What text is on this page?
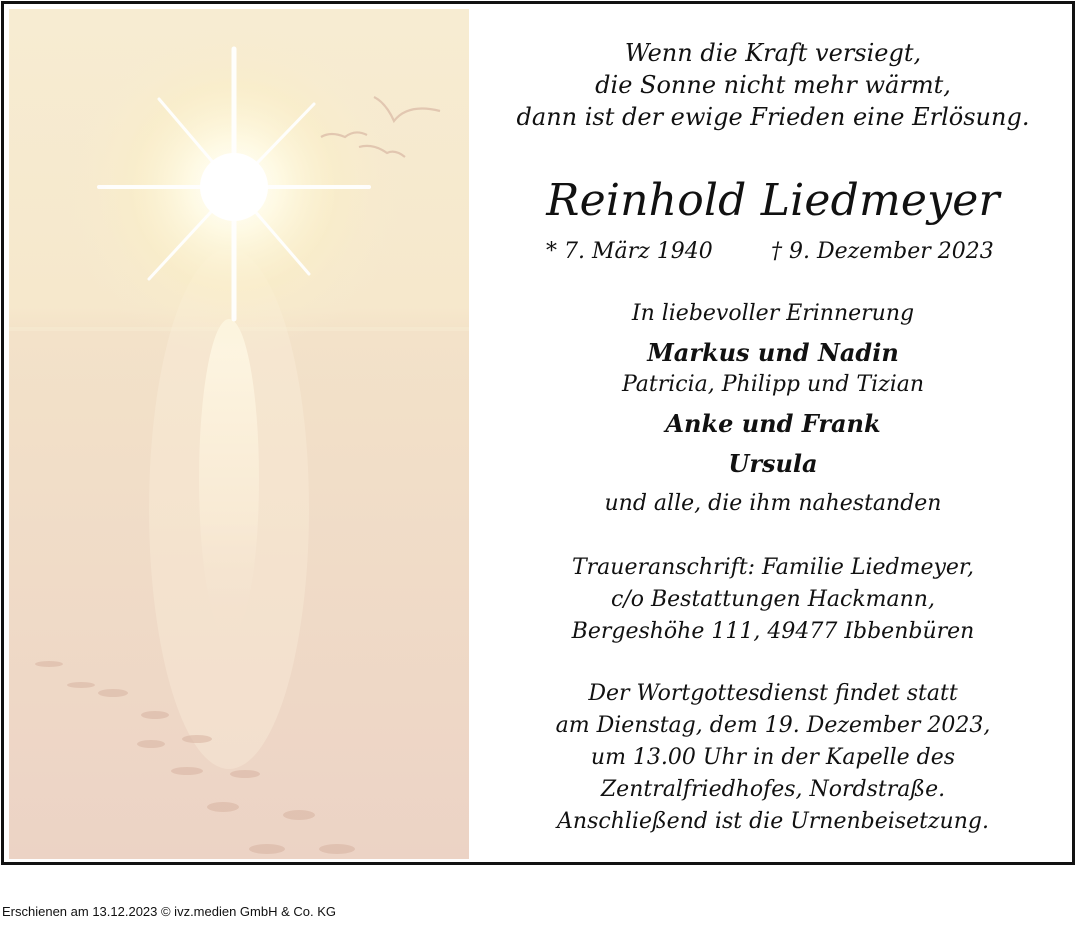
Wenn die Kraft versiegt,
die Sonne nicht mehr wärmt,
dann ist der ewige Frieden eine Erlösung.
Reinhold Liedmeyer
* 7. März 1940	† 9. Dezember 2023
In liebevoller Erinnerung
Markus und Nadin
Patricia, Philipp und Tizian
Anke und Frank
Ursula
und alle, die ihm nahestanden
Traueranschrift: Familie Liedmeyer,
c/o Bestattungen Hackmann,
Bergeshöhe 111, 49477 Ibbenbüren
Der Wortgottesdienst findet statt
am Dienstag, dem 19. Dezember 2023,
um 13.00 Uhr in der Kapelle des
Zentralfriedhofes, Nordstraße.
Anschließend ist die Urnenbeisetzung.
Erschienen am 13.12.2023 © ivz.medien GmbH & Co. KG
